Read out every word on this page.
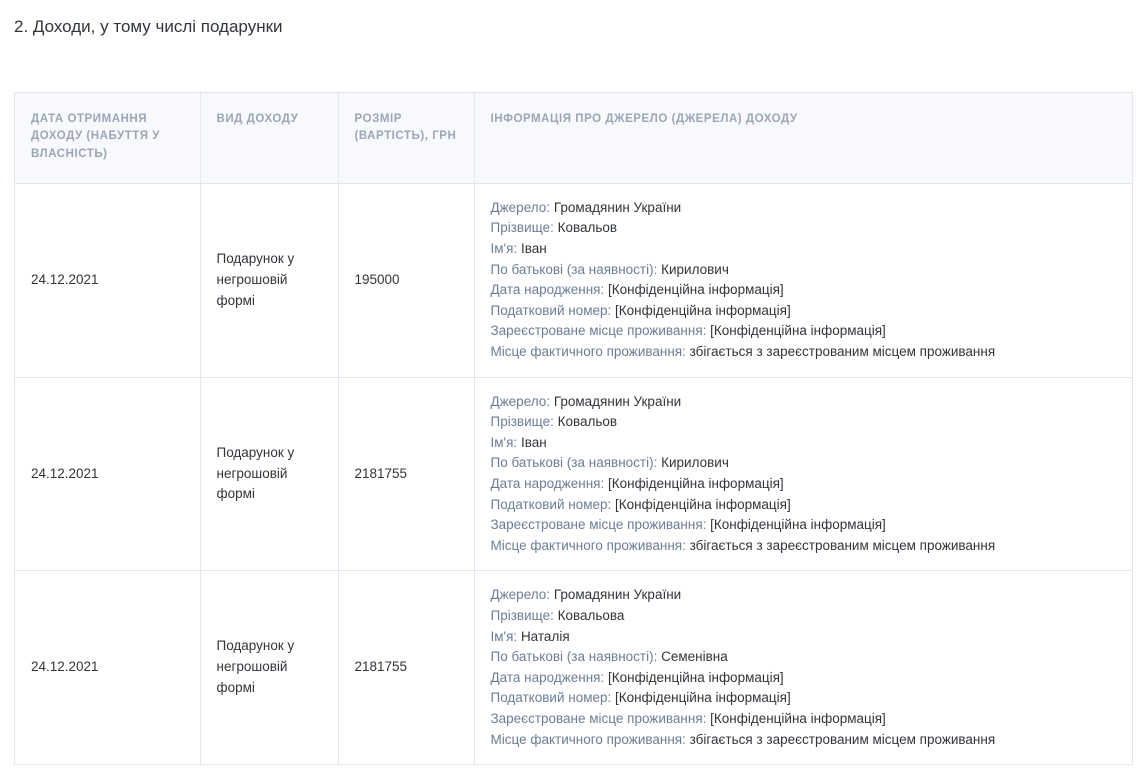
2. Доходи, у тому числі подарунки
ДАТА ОТРИМАННЯ ДОХОДУ (НАБУТТЯ У ВЛАСНІСТЬ)	ВИД ДОХОДУ	РОЗМІР (ВАРТІСТЬ), ГРН	ІНФОРМАЦІЯ ПРО ДЖЕРЕЛО (ДЖЕРЕЛА) ДОХОДУ
24.12.2021	Подарунок у негрошовій формі	195000	
Джерело: Громадянин України
Прізвище: Ковальов
Ім'я: Іван
По батькові (за наявності): Кирилович
Дата народження: [Конфіденційна інформація]
Податковий номер: [Конфіденційна інформація]
Зареєстроване місце проживання: [Конфіденційна інформація]
Місце фактичного проживання: збігається з зареєстрованим місцем проживання

24.12.2021	Подарунок у негрошовій формі	2181755	
Джерело: Громадянин України
Прізвище: Ковальов
Ім'я: Іван
По батькові (за наявності): Кирилович
Дата народження: [Конфіденційна інформація]
Податковий номер: [Конфіденційна інформація]
Зареєстроване місце проживання: [Конфіденційна інформація]
Місце фактичного проживання: збігається з зареєстрованим місцем проживання

24.12.2021	Подарунок у негрошовій формі	2181755	
Джерело: Громадянин України
Прізвище: Ковальова
Ім'я: Наталія
По батькові (за наявності): Семенівна
Дата народження: [Конфіденційна інформація]
Податковий номер: [Конфіденційна інформація]
Зареєстроване місце проживання: [Конфіденційна інформація]
Місце фактичного проживання: збігається з зареєстрованим місцем проживання
